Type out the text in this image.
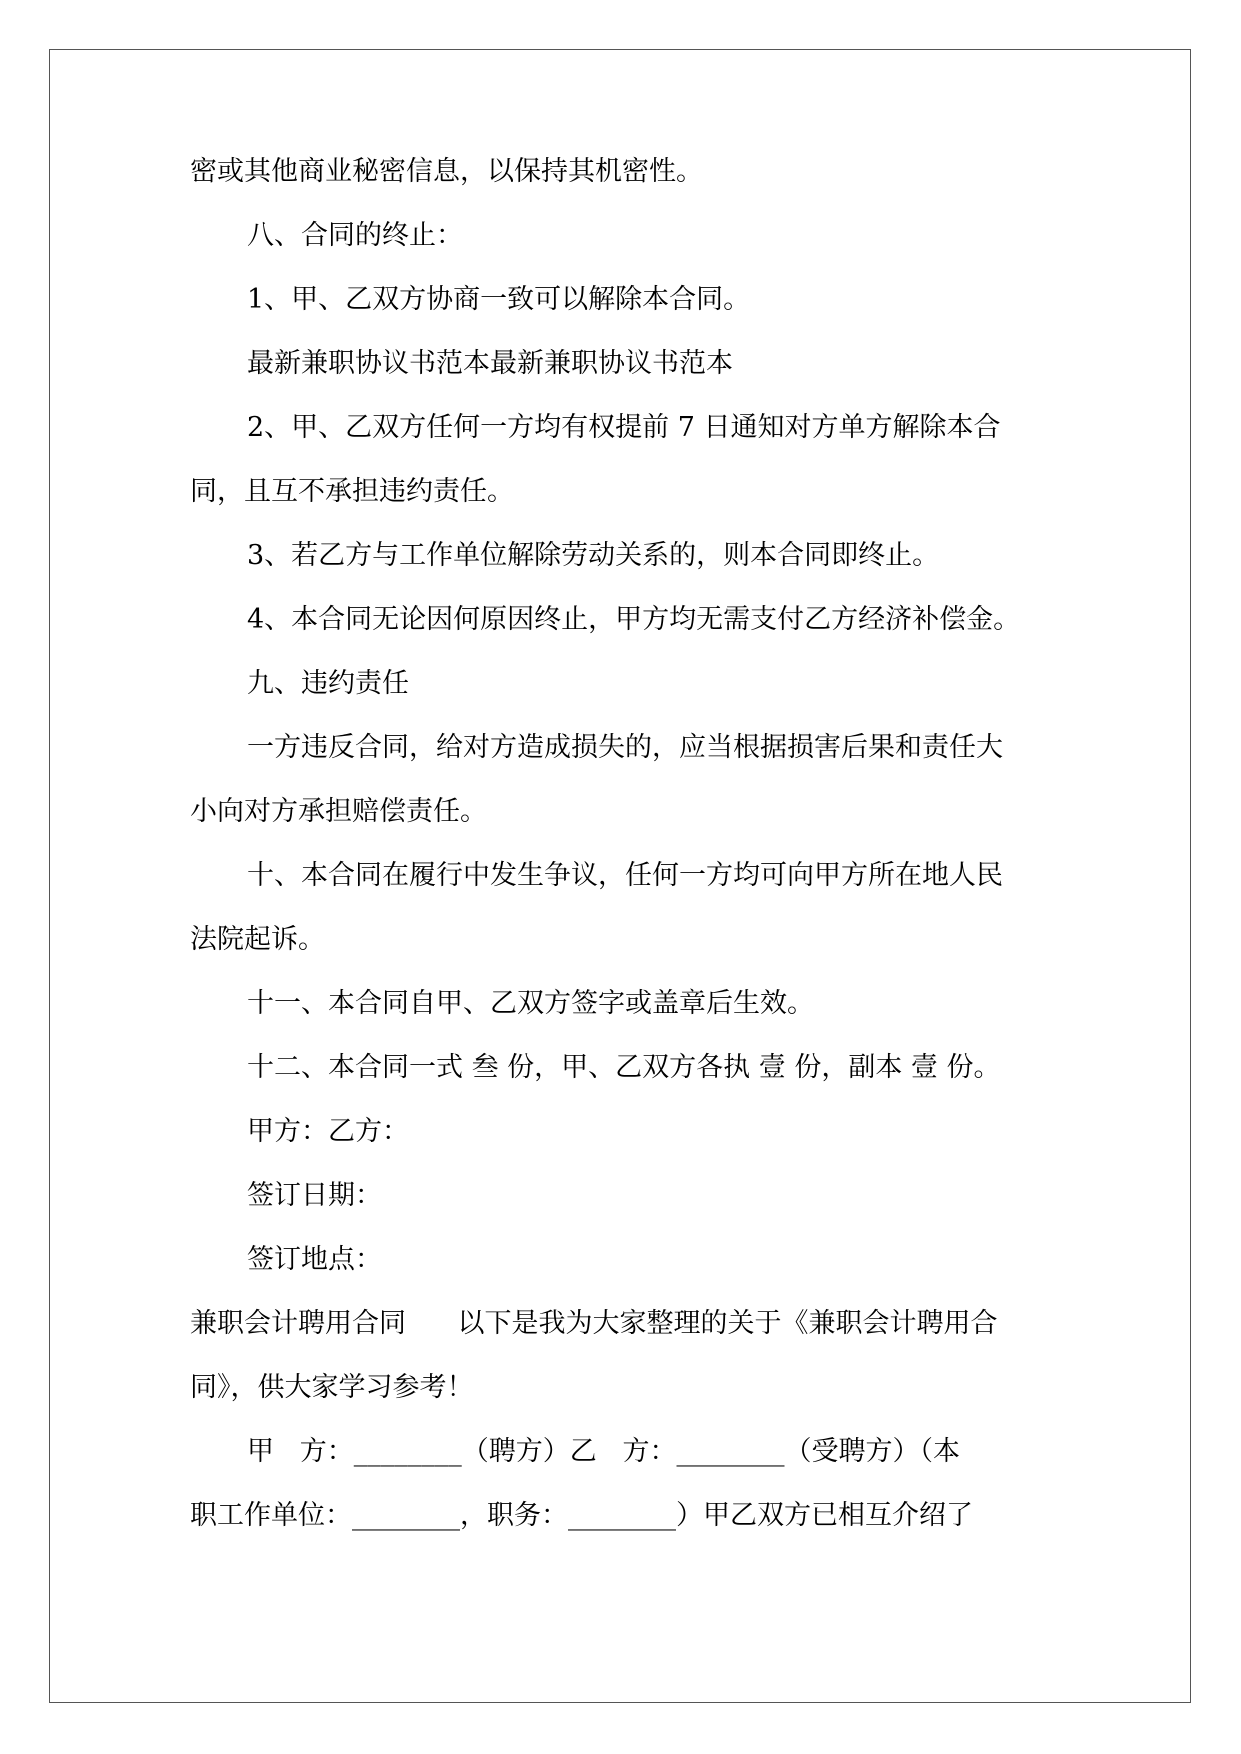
密或其他商业秘密信息，以保持其机密性。

八、合同的终止：

1、甲、乙双方协商一致可以解除本合同。

最新兼职协议书范本最新兼职协议书范本

2、甲、乙双方任何一方均有权提前 7 日通知对方单方解除本合

同，且互不承担违约责任。

3、若乙方与工作单位解除劳动关系的，则本合同即终止。

4、本合同无论因何原因终止，甲方均无需支付乙方经济补偿金。

九、违约责任

一方违反合同，给对方造成损失的，应当根据损害后果和责任大

小向对方承担赔偿责任。

十、本合同在履行中发生争议，任何一方均可向甲方所在地人民

法院起诉。

十一、本合同自甲、乙双方签字或盖章后生效。

十二、本合同一式 叁 份，甲、乙双方各执 壹 份，副本 壹 份。

甲方：乙方：

签订日期：

签订地点：

兼职会计聘用合同      以下是我为大家整理的关于《兼职会计聘用合

同》，供大家学习参考！

甲   方：________（聘方）乙   方：________（受聘方）（本

职工作单位：________，职务：________）甲乙双方已相互介绍了
